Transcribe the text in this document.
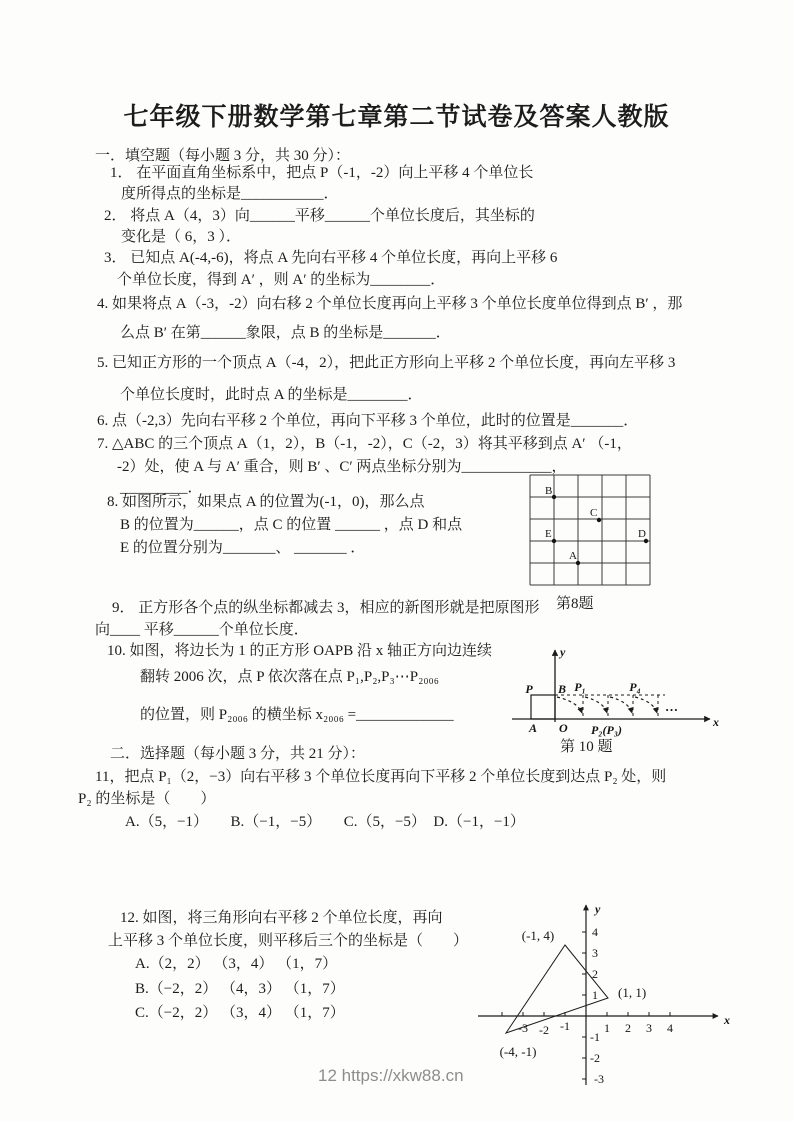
七年级下册数学第七章第二节试卷及答案人教版
一．填空题（每小题 3 分，共 30 分）：
1． 在平面直角坐标系中，把点 P（-1，-2）向上平移 4 个单位长
度所得点的坐标是___________．
2． 将点 A（4，3）向______平移______个单位长度后，其坐标的
变化是（ 6，3 ）．
3． 已知点 A(-4,-6)，将点 A 先向右平移 4 个单位长度，再向上平移 6
个单位长度，得到 A′ ，则 A′ 的坐标为________．
4. 如果将点 A（-3，-2）向右移 2 个单位长度再向上平移 3 个单位长度单位得到点 B′ ，那
么点 B′ 在第______象限，点 B 的坐标是_______．
5. 已知正方形的一个顶点 A（-4，2），把此正方形向上平移 2 个单位长度，再向左平移 3
个单位长度时，此时点 A 的坐标是________．
6. 点（-2,3）先向右平移 2 个单位，再向下平移 3 个单位，此时的位置是_______．
7. △ABC 的三个顶点 A（1，2），B（-1，-2），C（-2，3）将其平移到点 A′ （-1，
-2）处，使 A 与 A′ 重合，则 B′ 、C′ 两点坐标分别为____________，
_________．
8. 如图所示，如果点 A 的位置为(-1，0)，那么点
B 的位置为______，点 C 的位置 ______ ，点 D 和点
E 的位置分别为_______、 _______ ．
9． 正方形各个点的纵坐标都减去 3，相应的新图形就是把原图形
向____ 平移______个单位长度．
10. 如图，将边长为 1 的正方形 OAPB 沿 x 轴正方向边连续
翻转 2006 次，点 P 依次落在点 P₁,P₂,P₃⋯P₂₀₀₆
的位置，则 P₂₀₀₆ 的横坐标 x₂₀₀₆ =_____________
二．选择题（每小题 3 分，共 21 分）：
11，把点 P₁（2，−3）向右平移 3 个单位长度再向下平移 2 个单位长度到达点 P₂ 处，则
P₂ 的坐标是（　　）
A.（5，−1）　　B.（−1，−5）　　C.（5，−5）　D.（−1，−1）
12. 如图，将三角形向右平移 2 个单位长度，再向
上平移 3 个单位长度，则平移后三个的坐标是（　　）
A.（2，2） （3，4） （1，7）
B.（−2，2） （4，3） （1，7）
C.（−2，2） （3，4） （1，7）
B
C
E	D
A
第8题
y
x
P B
A O
P₁	P₄
P₂(P₃)
…
第 10 题
-3 -2 -1	1 2 3 4
4
3
2
1
-1
-2
-3
y
x
(-1, 4)
(1, 1)
(-4, -1)
12 https://xkw88.cn
